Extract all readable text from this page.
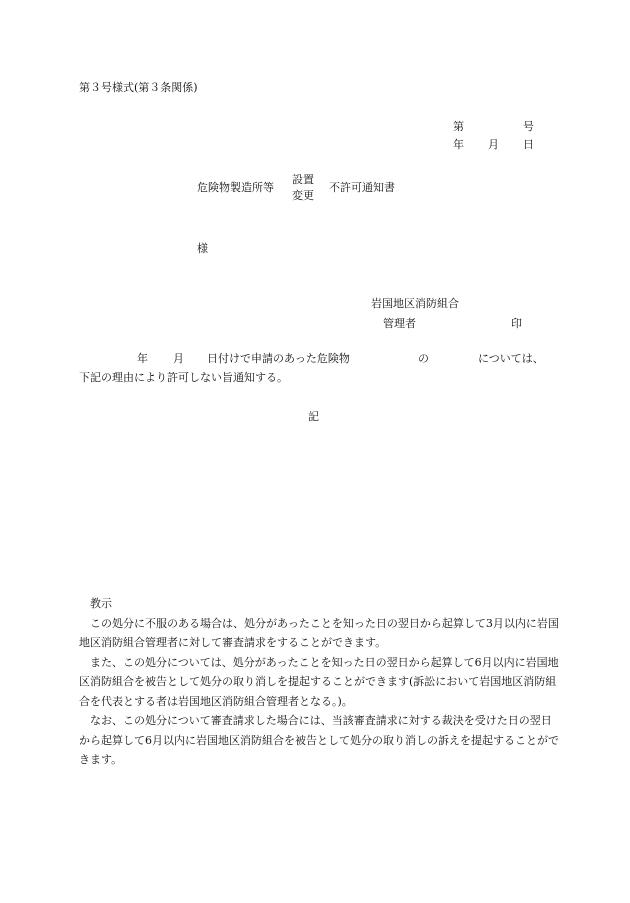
第３号様式(第３条関係)
第	号
年 月 日
危険物製造所等
設置
変更
不許可通知書
様
岩国地区消防組合
管理者	印
年 月 日付けで申請のあった危険物	の	については、
下記の理由により許可しない旨通知する。
記

教示

この処分に不服のある場合は、処分があったことを知った日の翌日から起算して3月以内に岩国地区消防組合管理者に対して審査請求をすることができます。

また、この処分については、処分があったことを知った日の翌日から起算して6月以内に岩国地区消防組合を被告として処分の取り消しを提起することができます(訴訟において岩国地区消防組合を代表とする者は岩国地区消防組合管理者となる。)。

なお、この処分について審査請求した場合には、当該審査請求に対する裁決を受けた日の翌日から起算して6月以内に岩国地区消防組合を被告として処分の取り消しの訴えを提起することができます。
